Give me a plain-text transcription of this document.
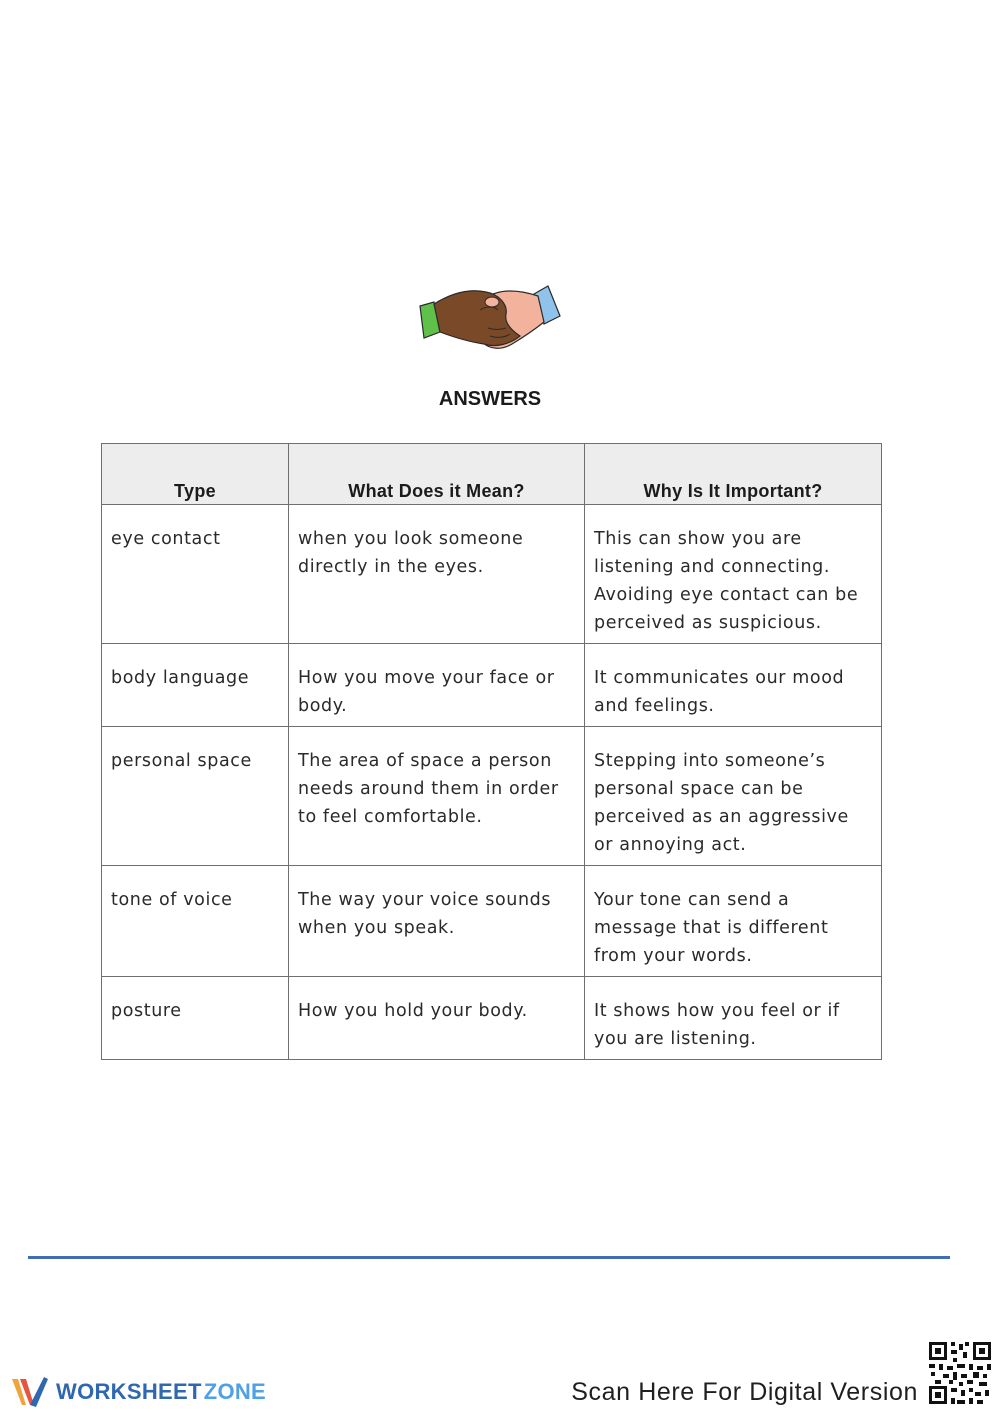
ANSWERS
Type	What Does it Mean?	Why Is It Important?
eye contact	when you look someone directly in the eyes.	This can show you are listening and connecting. Avoiding eye contact can be perceived as suspicious.
body language	How you move your face or body.	It communicates our mood and feelings.
personal space	The area of space a person needs around them in order to feel comfortable.	Stepping into someone’s personal space can be perceived as an aggressive or annoying act.
tone of voice	The way your voice sounds when you speak.	Your tone can send a message that is different from your words.
posture	How you hold your body.	It shows how you feel or if you are listening.
WORKSHEETZONE	Scan Here For Digital Version
